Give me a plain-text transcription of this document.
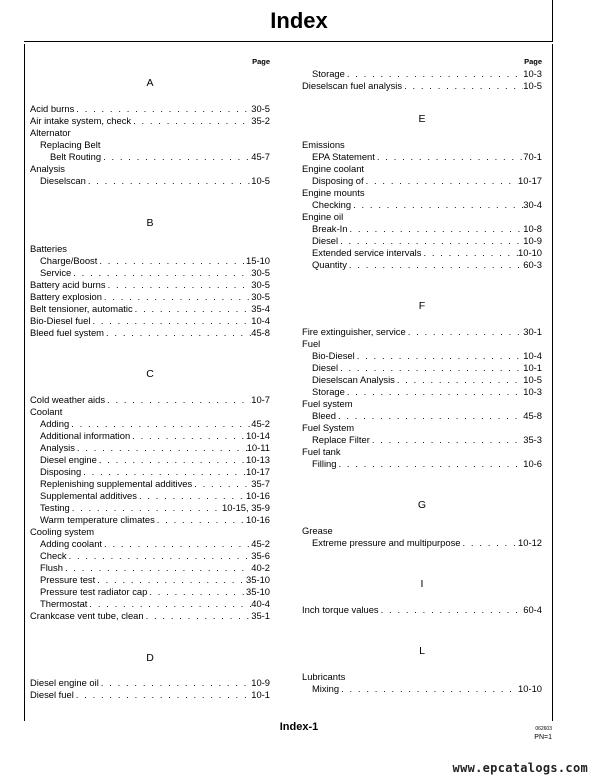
Index
Page
A
Acid burns . . .	30-5
Air intake system, check . . .	35-2
Alternator
Replacing Belt
Belt Routing . . .	45-7
Analysis
Dieselscan . . .	10-5
B
Batteries
Charge/Boost . . .	15-10
Service . . .	30-5
Battery acid burns . . .	30-5
Battery explosion . . .	30-5
Belt tensioner, automatic . . .	35-4
Bio-Diesel fuel . . .	10-4
Bleed fuel system . . .	45-8
C
Cold weather aids . . .	10-7
Coolant
Adding . . .	45-2
Additional information . . .	10-14
Analysis . . .	10-11
Diesel engine . . .	10-13
Disposing . . .	10-17
Replenishing supplemental additives . . .	35-7
Supplemental additives . . .	10-16
Testing . . .	10-15, 35-9
Warm temperature climates . . .	10-16
Cooling system
Adding coolant . . .	45-2
Check . . .	35-6
Flush . . .	40-2
Pressure test . . .	35-10
Pressure test radiator cap . . .	35-10
Thermostat . . .	40-4
Crankcase vent tube, clean . . .	35-1
D
Diesel engine oil . . .	10-9
Diesel fuel . . .	10-1
Page
Storage . . .	10-3
Dieselscan fuel analysis . . .	10-5
E
Emissions
EPA Statement . . .	70-1
Engine coolant
Disposing of . . .	10-17
Engine mounts
Checking . . .	30-4
Engine oil
Break-In . . .	10-8
Diesel . . .	10-9
Extended service intervals . . .	10-10
Quantity . . .	60-3
F
Fire extinguisher, service . . .	30-1
Fuel
Bio-Diesel . . .	10-4
Diesel . . .	10-1
Dieselscan Analysis . . .	10-5
Storage . . .	10-3
Fuel system
Bleed . . .	45-8
Fuel System
Replace Filter . . .	35-3
Fuel tank
Filling . . .	10-6
G
Grease
Extreme pressure and multipurpose . . .	10-12
I
Inch torque values . . .	60-4
L
Lubricants
Mixing . . .	10-10
Index-1	062603
PN=1
www.epcatalogs.com
